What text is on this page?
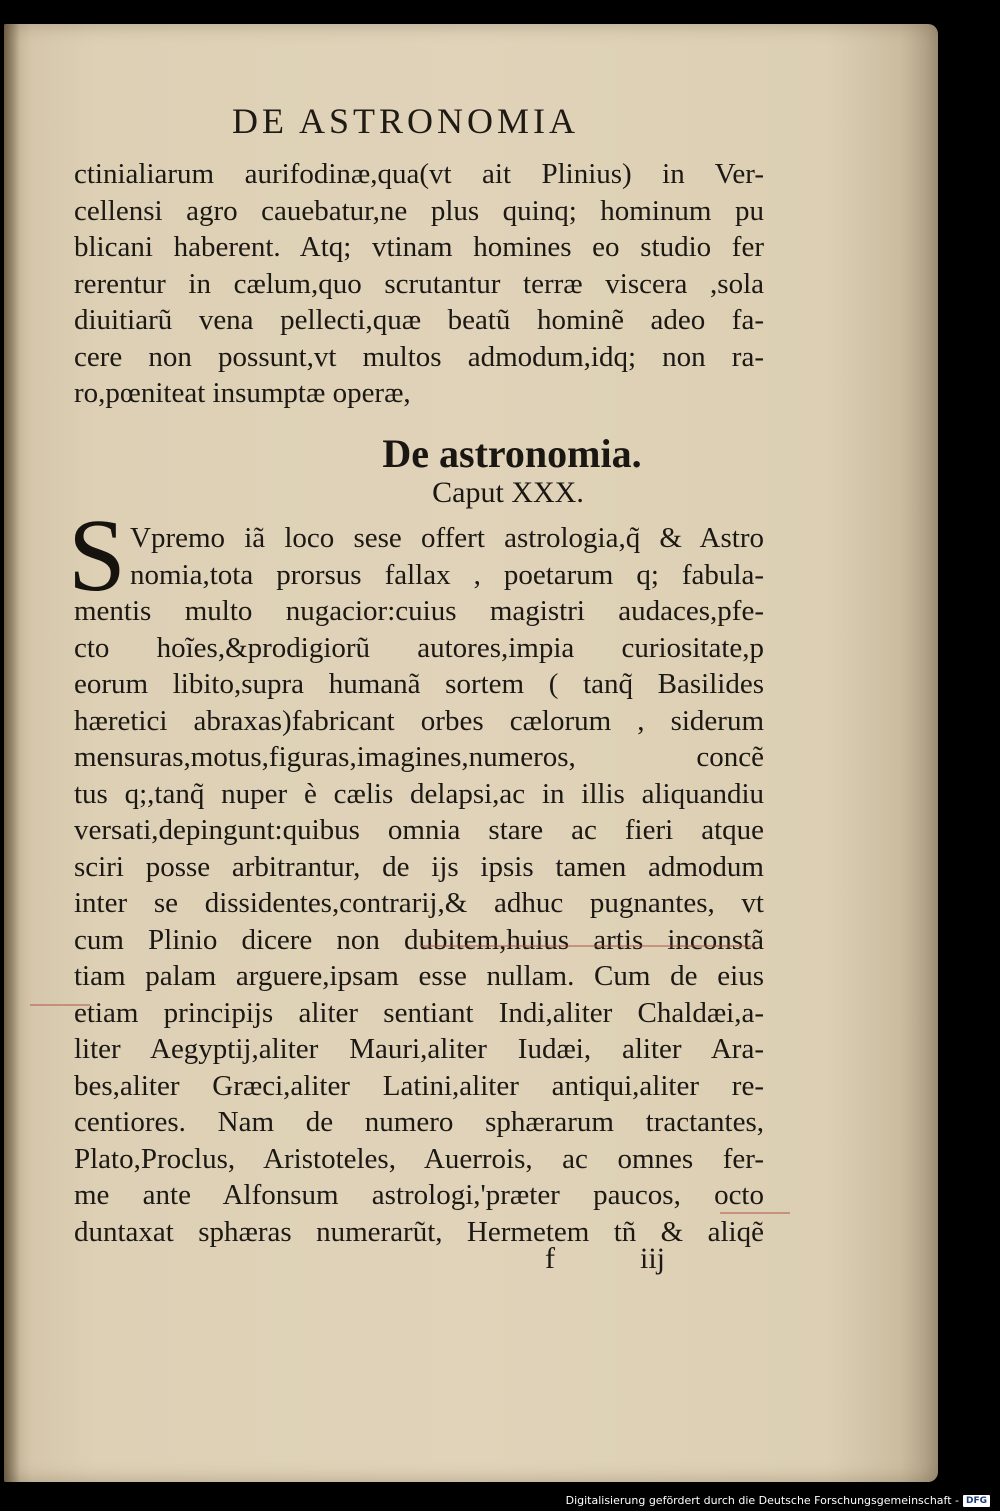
DE ASTRONOMIA
ctinialiarum aurifodinæ,qua(vt ait Plinius) in Ver-
cellensi agro cauebatur,ne plus quinq; hominum pu
blicani haberent. Atq; vtinam homines eo studio fer
rerentur in cælum,quo scrutantur terræ viscera ,sola
diuitiarũ vena pellecti,quæ beatũ hominẽ adeo fa-
cere non possunt,vt multos admodum,idq; non ra-
ro,pœniteat insumptæ operæ,
De astronomia.
Caput XXX.
S Vpremo iã loco sese offert astrologia,q̃ & Astro
nomia,tota prorsus fallax , poetarum q; fabula-
mentis multo nugacior:cuius magistri audaces,pfe-
cto hoĩes,&prodigiorũ autores,impia curiositate,p
eorum libito,supra humanã sortem ( tanq̃ Basilides
hæretici abraxas)fabricant orbes cælorum , siderum
mensuras,motus,figuras,imagines,numeros, concẽ
tus q;,tanq̃ nuper è cælis delapsi,ac in illis aliquandiu
versati,depingunt:quibus omnia stare ac fieri atque
sciri posse arbitrantur, de ijs ipsis tamen admodum
inter se dissidentes,contrarij,& adhuc pugnantes, vt
cum Plinio dicere non dubitem,huius artis inconstã
tiam palam arguere,ipsam esse nullam. Cum de eius
etiam principijs aliter sentiant Indi,aliter Chaldæi,a-
liter Aegyptij,aliter Mauri,aliter Iudæi, aliter Ara-
bes,aliter Græci,aliter Latini,aliter antiqui,aliter re-
centiores. Nam de numero sphærarum tractantes,
Plato,Proclus, Aristoteles, Auerrois, ac omnes fer-
me ante Alfonsum astrologi,'præter paucos, octo
duntaxat sphæras numerarũt, Hermetem tñ & aliqẽ
f	iij
Digitalisierung gefördert durch die Deutsche Forschungsgemeinschaft - DFG
